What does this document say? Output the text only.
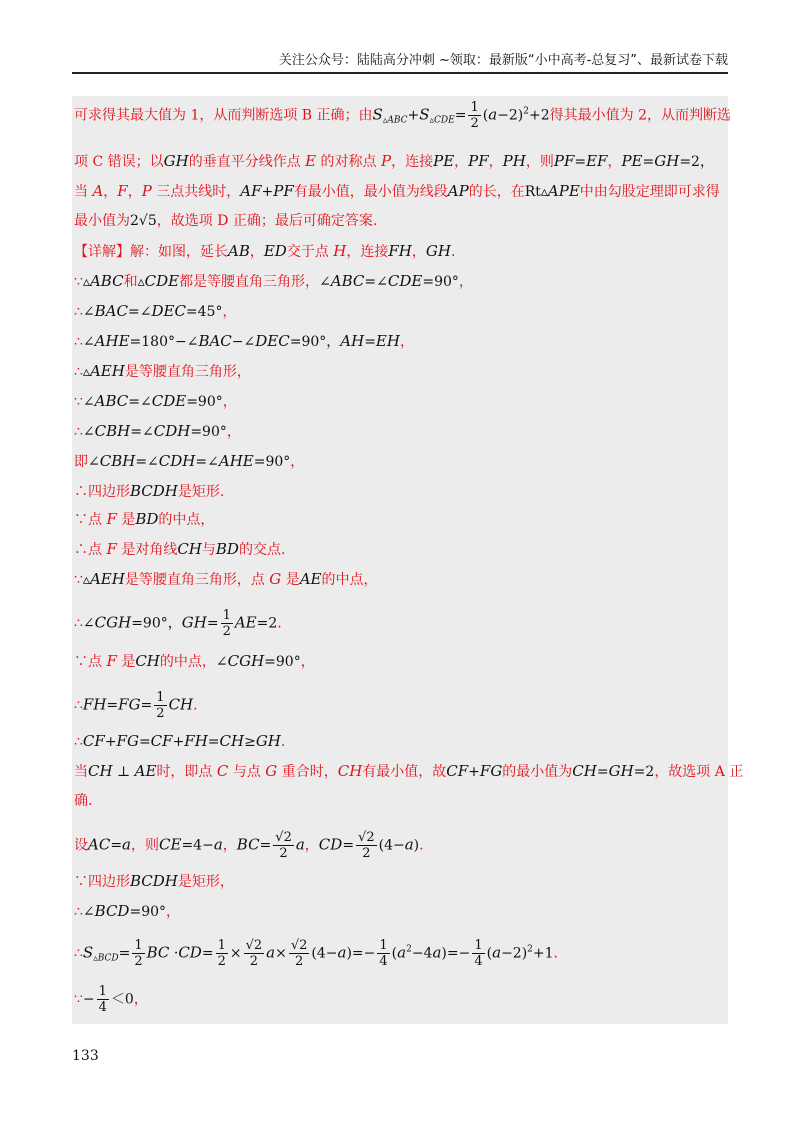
关注公众号：陆陆高分冲刺 ~领取：最新版“小中高考-总复习”、最新试卷下载
可求得其最大值为 1，从而判断选项 B 正确；由$S_{▵ABC}+S_{▵CDE}= \frac{1}{2} (a-2)^2+2$得其最小值为 2，从而判断选
项 C 错误；以GH的垂直平分线作点 E 的对称点 P，连接PE，PF，PH，则PF=EF，PE=GH=2，
当 A，F，P 三点共线时，AF+PF有最小值，最小值为线段AP的长，在Rt▵APE中由勾股定理即可求得
最小值为2√5，故选项 D 正确；最后可确定答案.
【详解】解：如图，延长AB，ED交于点 H，连接FH，GH.
∵▵ABC和▵CDE都是等腰直角三角形，∠ABC=∠CDE=90°，
∴∠BAC=∠DEC=45°，
∴∠AHE=180°−∠BAC−∠DEC=90°，AH=EH，
∴▵AEH是等腰直角三角形，
∵∠ABC=∠CDE=90°，
∴∠CBH=∠CDH=90°，
即∠CBH=∠CDH=∠AHE=90°，
∴四边形BCDH是矩形.
∵点 F 是BD的中点，
∴点 F 是对角线CH与BD的交点.
∵▵AEH是等腰直角三角形，点 G 是AE的中点，
∴∠CGH=90°，$GH= \frac{1}{2} AE=2$.
∵点 F 是CH的中点，∠CGH=90°，
∴FH=FG= $\frac{1}{2}$ CH.
∴CF+FG=CF+FH=CH≥GH.
当CH ⊥ AE时，即点 C 与点 G 重合时，CH有最小值，故CF+FG的最小值为CH=GH=2，故选项 A 正
确.
设AC=a，则CE=4−a，$BC= \frac{√2}{2}$ a，$CD= \frac{√2}{2} (4-a)$.
∵四边形BCDH是矩形，
∴∠BCD=90°，
$\therefore S_{▵BCD}= \frac{1}{2}$ BC $\cdot CD= \frac{1}{2} \times \frac{√2}{2} a\times \frac{√2}{2} (4-a)=- \frac{1}{4} (a^2-4a)=- \frac{1}{4} (a-2)^2+1$.
∵− $\frac{1}{4} <0$，
133
